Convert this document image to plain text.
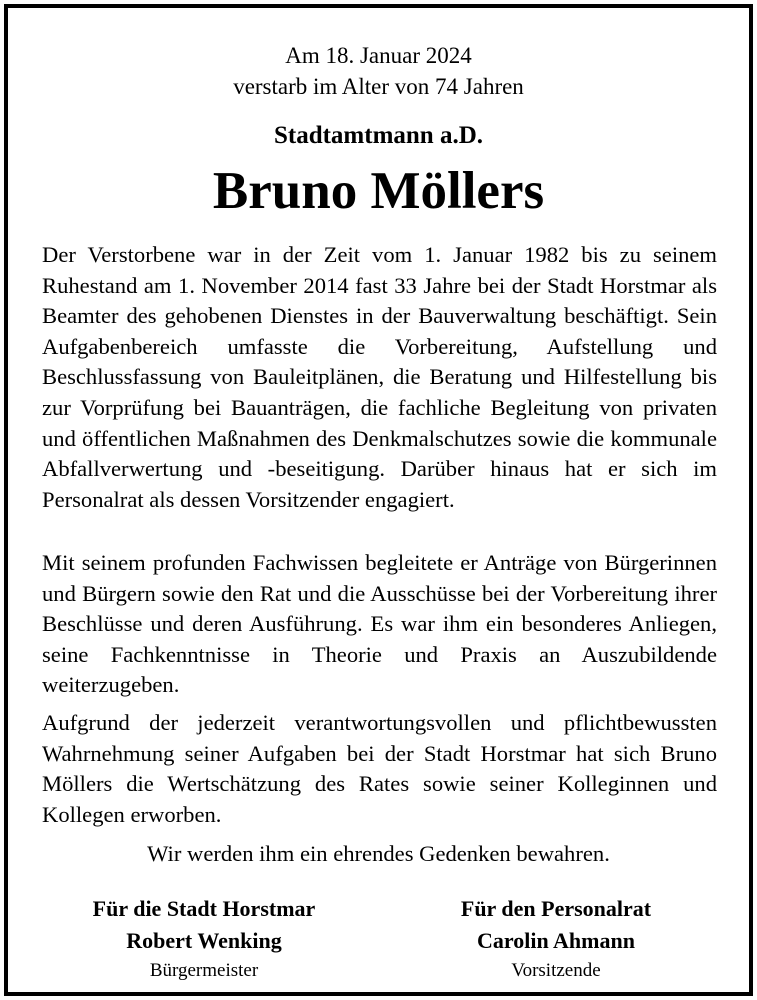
Am 18. Januar 2024
verstarb im Alter von 74 Jahren
Stadtamtmann a.D.
Bruno Möllers

Der Verstorbene war in der Zeit vom 1. Januar 1982 bis zu seinem Ruhestand am 1. November 2014 fast 33 Jahre bei der Stadt Horstmar als Beamter des gehobenen Dienstes in der Bauverwaltung beschäftigt. Sein Aufgabenbereich umfasste die Vorbereitung, Aufstellung und Beschlussfassung von Bauleitplänen, die Beratung und Hilfestellung bis zur Vorprüfung bei Bauanträgen, die fachliche Begleitung von privaten und öffentlichen Maßnahmen des Denkmalschutzes sowie die kommunale Abfallverwertung und -beseitigung. Darüber hinaus hat er sich im Personalrat als dessen Vorsitzender engagiert.

Mit seinem profunden Fachwissen begleitete er Anträge von Bürgerinnen und Bürgern sowie den Rat und die Ausschüsse bei der Vorbereitung ihrer Beschlüsse und deren Ausführung. Es war ihm ein besonderes Anliegen, seine Fachkenntnisse in Theorie und Praxis an Auszubildende weiterzugeben.

Aufgrund der jederzeit verantwortungsvollen und pflichtbewussten Wahrnehmung seiner Aufgaben bei der Stadt Horstmar hat sich Bruno Möllers die Wertschätzung des Rates sowie seiner Kolleginnen und Kollegen erworben.

Wir werden ihm ein ehrendes Gedenken bewahren.
Für die Stadt Horstmar
Robert Wenking
Bürgermeister
Für den Personalrat
Carolin Ahmann
Vorsitzende
